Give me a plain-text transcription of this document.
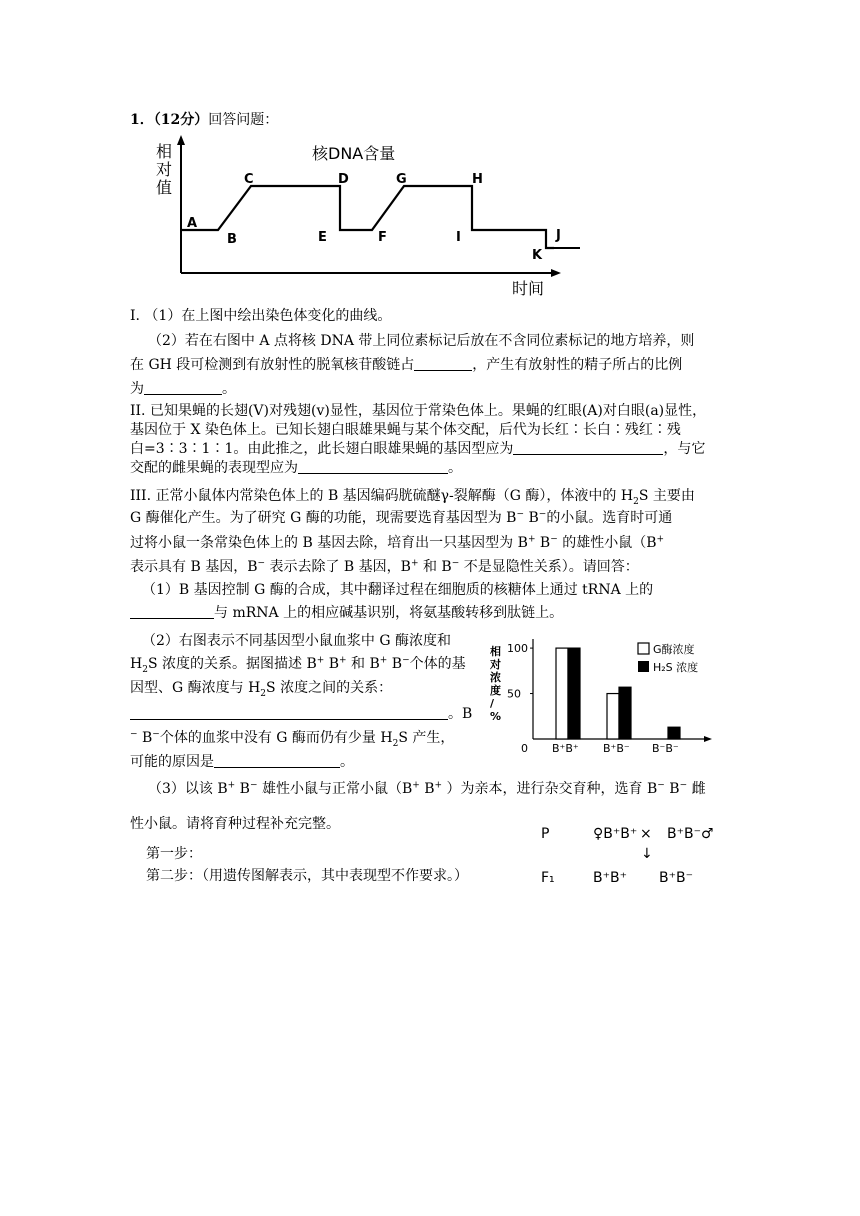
1．（12分）回答问题：
相
对
值
核DNA含量
时间
A
B
C	D
E	F
G	H
I	J
K
I. （1）在上图中绘出染色体变化的曲线。
（2）若在右图中 A 点将核 DNA 带上同位素标记后放在不含同位素标记的地方培养，则
在 GH 段可检测到有放射性的脱氧核苷酸链占	，产生有放射性的精子所占的比例
为	。
II. 已知果蝇的长翅(V)对残翅(v)显性，基因位于常染色体上。果蝇的红眼(A)对白眼(a)显性，
基因位于 X 染色体上。已知长翅白眼雄果蝇与某个体交配，后代为长红∶长白∶残红∶残
白=3∶3∶1∶1。由此推之，此长翅白眼雄果蝇的基因型应为	，与它
交配的雌果蝇的表现型应为	。
III. 正常小鼠体内常染色体上的 B 基因编码胱硫醚γ-裂解酶（G 酶），体液中的 $H_2S$ 主要由
G 酶催化产生。为了研究 G 酶的功能，现需要选育基因型为 B− B−的小鼠。选育时可通
过将小鼠一条常染色体上的 B 基因去除，培育出一只基因型为 B+ B− 的雄性小鼠（B+
表示具有 B 基因，B− 表示去除了 B 基因，B+ 和 B− 不是显隐性关系）。请回答：
（1）B 基因控制 G 酶的合成，其中翻译过程在细胞质的核糖体上通过 tRNA 上的
与 mRNA 上的相应碱基识别，将氨基酸转移到肽链上。
（2）右图表示不同基因型小鼠血浆中 G 酶浓度和
$H_2S$ 浓度的关系。据图描述 B+ B+ 和 B+ B−个体的基
因型、G 酶浓度与 $H_2S$ 浓度之间的关系：
。B
− B−个体的血浆中没有 G 酶而仍有少量 $H_2S$ 产生，
可能的原因是	。
相
对
浓
度
/
%
0
50
100
B⁺B⁺ B⁺B⁻ B⁻B⁻
G酶浓度
H₂S 浓度
（3）以该 B+ B− 雄性小鼠与正常小鼠（B+ B+ ）为亲本，进行杂交育种，选育 B− B− 雌
性小鼠。请将育种过程补充完整。
第一步：
第二步：（用遗传图解表示，其中表现型不作要求。）
P	♀B⁺B⁺ × B⁺B⁻♂
↓
F₁	B⁺B⁺ B⁺B⁻
